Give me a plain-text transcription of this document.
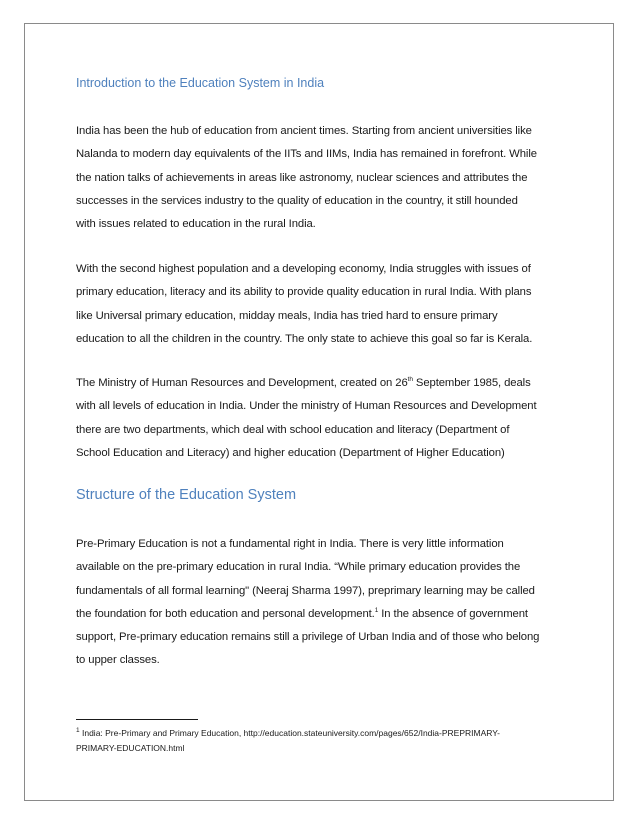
Introduction to the Education System in India

India has been the hub of education from ancient times. Starting from ancient universities like
Nalanda to modern day equivalents of the IITs and IIMs, India has remained in forefront. While
the nation talks of achievements in areas like astronomy, nuclear sciences and attributes the
successes in the services industry to the quality of education in the country, it still hounded
with issues related to education in the rural India.

With the second highest population and a developing economy, India struggles with issues of
primary education, literacy and its ability to provide quality education in rural India. With plans
like Universal primary education, midday meals, India has tried hard to ensure primary
education to all the children in the country. The only state to achieve this goal so far is Kerala.

The Ministry of Human Resources and Development, created on 26th September 1985, deals
with all levels of education in India. Under the ministry of Human Resources and Development
there are two departments, which deal with school education and literacy (Department of
School Education and Literacy) and higher education (Department of Higher Education)

Structure of the Education System

Pre-Primary Education is not a fundamental right in India. There is very little information
available on the pre-primary education in rural India. “While primary education provides the
fundamentals of all formal learning" (Neeraj Sharma 1997), preprimary learning may be called
the foundation for both education and personal development.$^1$ In the absence of government
support, Pre-primary education remains still a privilege of Urban India and of those who belong
to upper classes.

$^1$ India: Pre-Primary and Primary Education, http://education.stateuniversity.com/pages/652/India-PREPRIMARY-
PRIMARY-EDUCATION.html
